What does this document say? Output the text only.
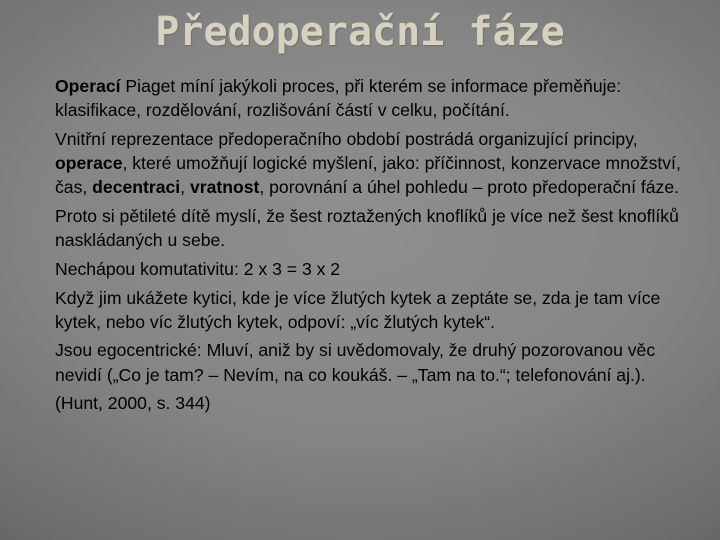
Předoperační fáze

Operací Piaget míní jakýkoli proces, při kterém se informace přeměňuje: klasifikace, rozdělování, rozlišování částí v celku, počítání.

Vnitřní reprezentace předoperačního období postrádá organizující principy, operace, které umožňují logické myšlení, jako: příčinnost, konzervace množství, čas, decentraci, vratnost, porovnání a úhel pohledu – proto předoperační fáze.

Proto si pětileté dítě myslí, že šest roztažených knoflíků je více než šest knoflíků naskládaných u sebe.

Nechápou komutativitu: 2 x 3 = 3 x 2

Když jim ukážete kytici, kde je více žlutých kytek a zeptáte se, zda je tam více kytek, nebo víc žlutých kytek, odpoví: „víc žlutých kytek“.

Jsou egocentrické: Mluví, aniž by si uvědomovaly, že druhý pozorovanou věc nevidí („Co je tam? – Nevím, na co koukáš. – „Tam na to.“; telefonování aj.).

(Hunt, 2000, s. 344)
